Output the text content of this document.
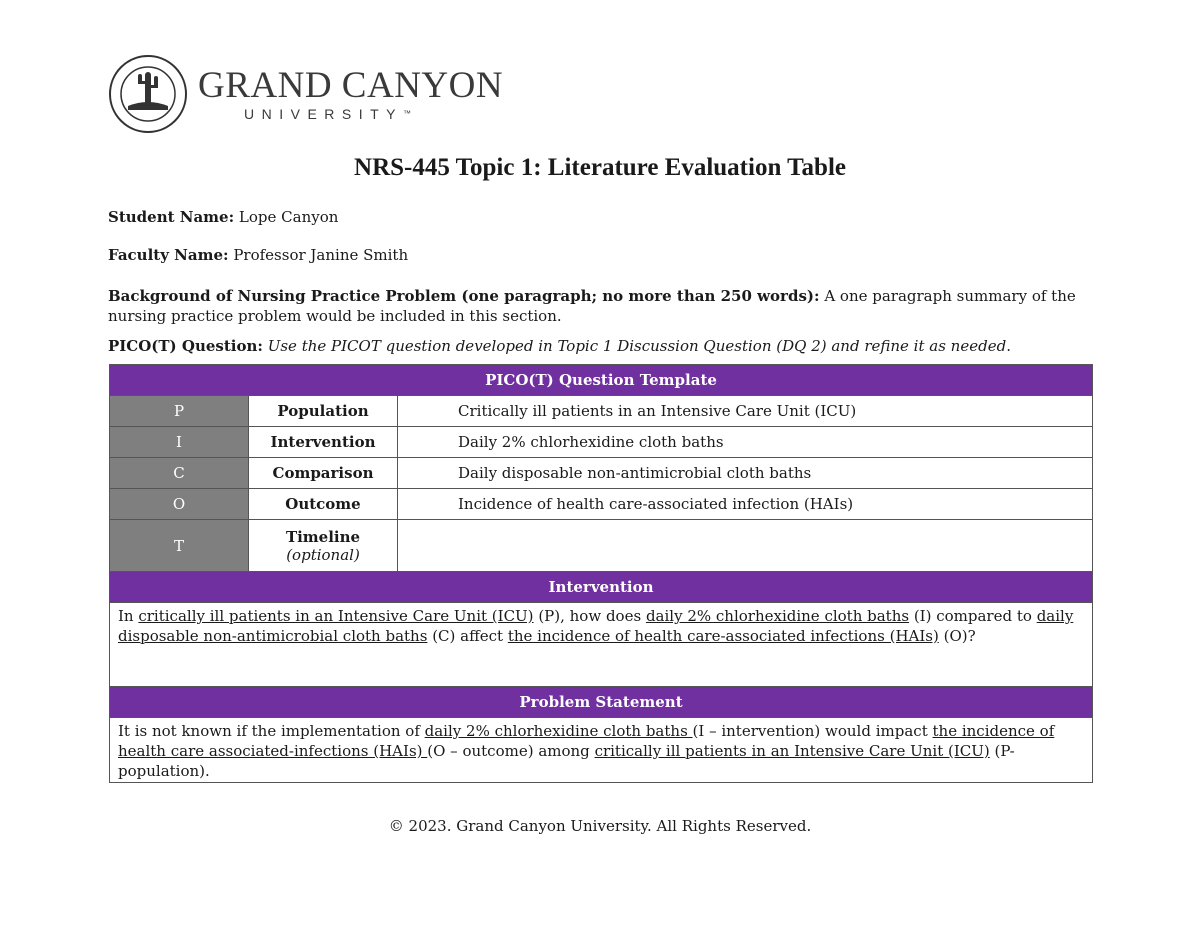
GRAND CANYON
UNIVERSITY™
NRS-445 Topic 1: Literature Evaluation Table
Student Name: Lope Canyon
Faculty Name: Professor Janine Smith
Background of Nursing Practice Problem (one paragraph; no more than 250 words): A one paragraph summary of the nursing practice problem would be included in this section.
PICO(T) Question: Use the PICOT question developed in Topic 1 Discussion Question (DQ 2) and refine it as needed.
PICO(T) Question Template		
P	Population	Critically ill patients in an Intensive Care Unit (ICU)
I	Intervention	Daily 2% chlorhexidine cloth baths
C	Comparison	Daily disposable non-antimicrobial cloth baths
O	Outcome	Incidence of health care-associated infection (HAIs)
T	Timeline
(optional)	

Intervention		
In critically ill patients in an Intensive Care Unit (ICU) (P), how does daily 2% chlorhexidine cloth baths (I) compared to daily disposable non-antimicrobial cloth baths (C) affect the incidence of health care-associated infections (HAIs) (O)?		
Problem Statement		
It is not known if the implementation of daily 2% chlorhexidine cloth baths (I – intervention) would impact the incidence of health care associated-infections (HAIs) (O – outcome) among critically ill patients in an Intensive Care Unit (ICU) (P- population).		
© 2023. Grand Canyon University. All Rights Reserved.
